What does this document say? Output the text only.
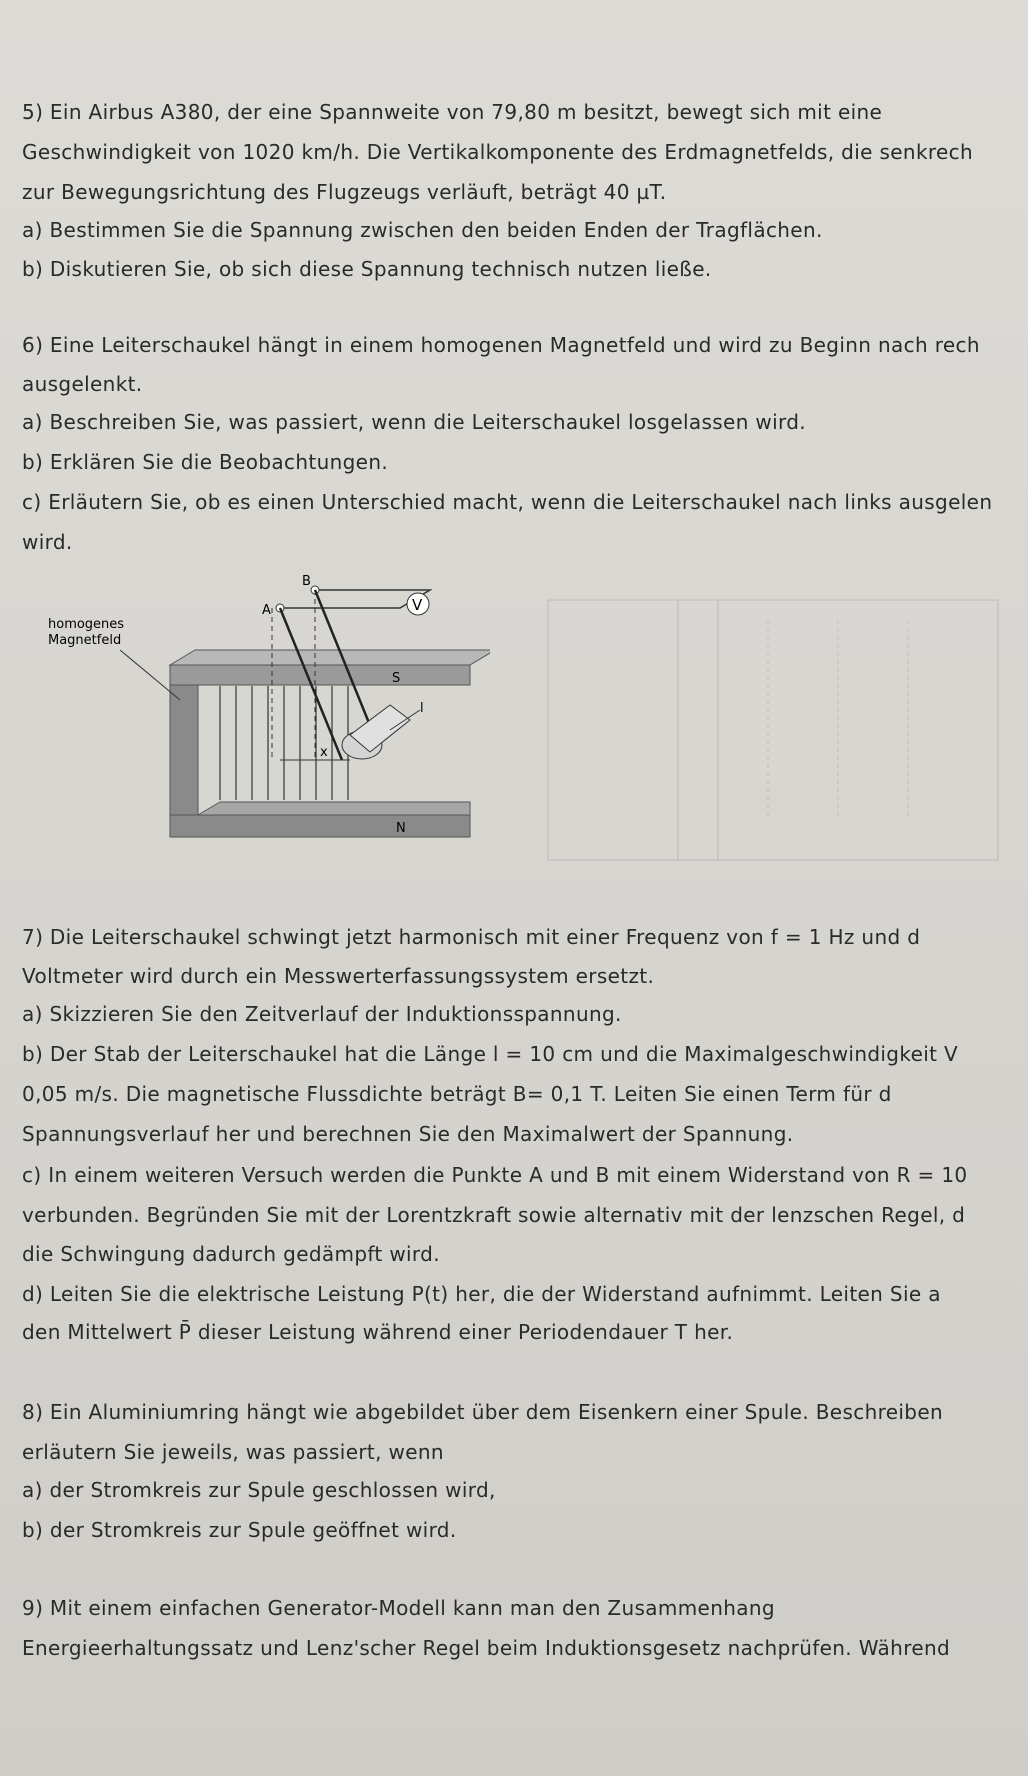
5) Ein Airbus A380, der eine Spannweite von 79,80 m besitzt, bewegt sich mit eine
Geschwindigkeit von 1020 km/h. Die Vertikalkomponente des Erdmagnetfelds, die senkrech
zur Bewegungsrichtung des Flugzeugs verläuft, beträgt 40 µT.
a) Bestimmen Sie die Spannung zwischen den beiden Enden der Tragflächen.
b) Diskutieren Sie, ob sich diese Spannung technisch nutzen ließe.
6) Eine Leiterschaukel hängt in einem homogenen Magnetfeld und wird zu Beginn nach rech
ausgelenkt.
a) Beschreiben Sie, was passiert, wenn die Leiterschaukel losgelassen wird.
b) Erklären Sie die Beobachtungen.
c) Erläutern Sie, ob es einen Unterschied macht, wenn die Leiterschaukel nach links ausgelen
wird.
V
x
l
homogenes
Magnetfeld
B
A
S
N
7) Die Leiterschaukel schwingt jetzt harmonisch mit einer Frequenz von f = 1 Hz und d
Voltmeter wird durch ein Messwerterfassungssystem ersetzt.
a) Skizzieren Sie den Zeitverlauf der Induktionsspannung.
b) Der Stab der Leiterschaukel hat die Länge l = 10 cm und die Maximalgeschwindigkeit V
0,05 m/s. Die magnetische Flussdichte beträgt B= 0,1 T. Leiten Sie einen Term für d
Spannungsverlauf her und berechnen Sie den Maximalwert der Spannung.
c) In einem weiteren Versuch werden die Punkte A und B mit einem Widerstand von R = 10
verbunden. Begründen Sie mit der Lorentzkraft sowie alternativ mit der lenzschen Regel, d
die Schwingung dadurch gedämpft wird.
d) Leiten Sie die elektrische Leistung P(t) her, die der Widerstand aufnimmt. Leiten Sie a
den Mittelwert P̄ dieser Leistung während einer Periodendauer T her.
8) Ein Aluminiumring hängt wie abgebildet über dem Eisenkern einer Spule. Beschreiben
erläutern Sie jeweils, was passiert, wenn
a) der Stromkreis zur Spule geschlossen wird,
b) der Stromkreis zur Spule geöffnet wird.
9) Mit einem einfachen Generator-Modell kann man den Zusammenhang
Energieerhaltungssatz und Lenz'scher Regel beim Induktionsgesetz nachprüfen. Während
